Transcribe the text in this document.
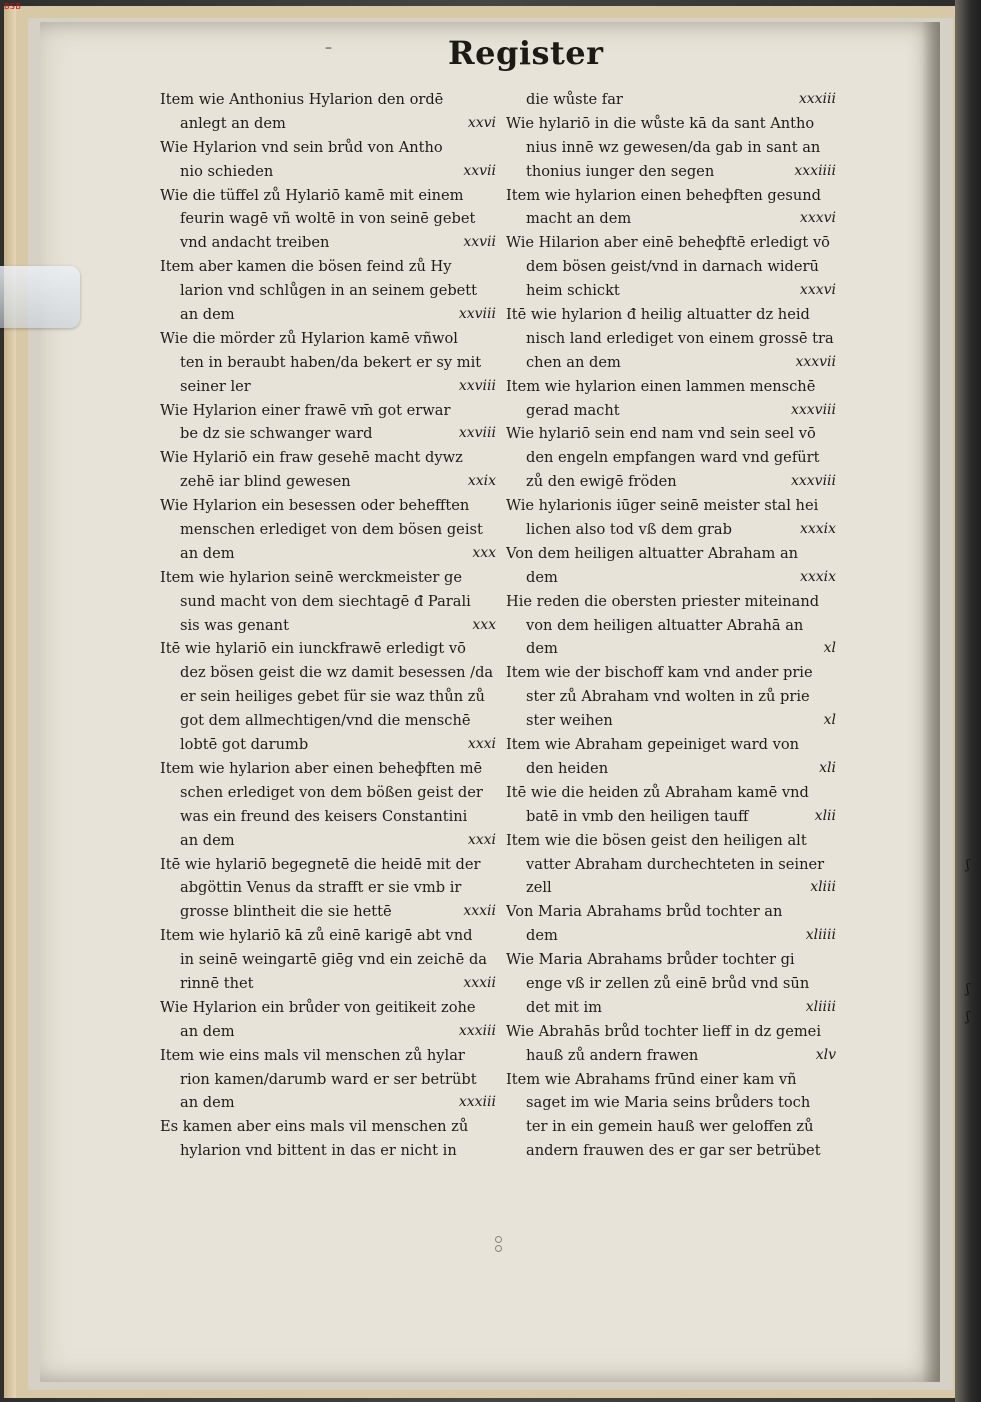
ʃ
ʃ
ʃ
BSB
–	Register
Item wie Anthonius Hylarion den ordē
anlegt an dem	xxvi
Wie Hylarion vnd sein brůd von Antho
nio schieden	xxvii
Wie die tüffel zů Hylariō kamē mit einem
feurin wagē vñ woltē in von seinē gebet
vnd andacht treiben	xxvii
Item aber kamen die bösen feind zů Hy
larion vnd schlůgen in an seinem gebett
an dem	xxviii
Wie die mörder zů Hylarion kamē vñwol
ten in beraubt haben/da bekert er sy mit
seiner ler	xxviii
Wie Hylarion einer frawē vm̄ got erwar
be dz sie schwanger ward	xxviii
Wie Hylariō ein fraw gesehē macht dywz
zehē iar blind gewesen	xxix
Wie Hylarion ein besessen oder behefften
menschen erlediget von dem bösen geist
an dem	xxx
Item wie hylarion seinē werckmeister ge
sund macht von dem siechtagē đ Parali
sis was genant	xxx
Itē wie hylariō ein iunckfrawē erledigt vō
dez bösen geist die wz damit besessen /da
er sein heiliges gebet für sie waz thůn zů
got dem allmechtigen/vnd die menschē
lobtē got darumb	xxxi
Item wie hylarion aber einen beheфften mē
schen erlediget von dem bößen geist der
was ein freund des keisers Constantini
an dem	xxxi
Itē wie hylariō begegnetē die heidē mit der
abgöttin Venus da strafft er sie vmb ir
grosse blintheit die sie hettē	xxxii
Item wie hylariō kā zů einē karigē abt vnd
in seinē weingartē giēg vnd ein zeichē da
rinnē thet	xxxii
Wie Hylarion ein brůder von geitikeit zohe
an dem	xxxiii
Item wie eins mals vil menschen zů hylar
rion kamen/darumb ward er ser betrübt
an dem	xxxiii
Es kamen aber eins mals vil menschen zů
hylarion vnd bittent in das er nicht in
die wůste far	xxxiii
Wie hylariō in die wůste kā da sant Antho
nius innē wz gewesen/da gab in sant an
thonius iunger den segen	xxxiiii
Item wie hylarion einen beheфften gesund
macht an dem	xxxvi
Wie Hilarion aber einē beheфftē erledigt vō
dem bösen geist/vnd in darnach widerū
heim schickt	xxxvi
Itē wie hylarion đ heilig altuatter dz heid
nisch land erlediget von einem grossē tra
chen an dem	xxxvii
Item wie hylarion einen lammen menschē
gerad macht	xxxviii
Wie hylariō sein end nam vnd sein seel vō
den engeln empfangen ward vnd gefürt
zů den ewigē fröden	xxxviii
Wie hylarionis iūger seinē meister stal hei
lichen also tod vß dem grab	xxxix
Von dem heiligen altuatter Abraham an
dem	xxxix
Hie reden die obersten priester miteinand
von dem heiligen altuatter Abrahā an
dem	xl
Item wie der bischoff kam vnd ander prie
ster zů Abraham vnd wolten in zů prie
ster weihen	xl
Item wie Abraham gepeiniget ward von
den heiden	xli
Itē wie die heiden zů Abraham kamē vnd
batē in vmb den heiligen tauff	xlii
Item wie die bösen geist den heiligen alt
vatter Abraham durchechteten in seiner
zell	xliii
Von Maria Abrahams brůd tochter an
dem	xliiii
Wie Maria Abrahams brůder tochter gi
enge vß ir zellen zů einē brůd vnd sūn
det mit im	xliiii
Wie Abrahās brůd tochter lieff in dz gemei
hauß zů andern frawen	xlv
Item wie Abrahams frūnd einer kam vñ
saget im wie Maria seins brůders toch
ter in ein gemein hauß wer geloffen zů
andern frauwen des er gar ser betrübet
